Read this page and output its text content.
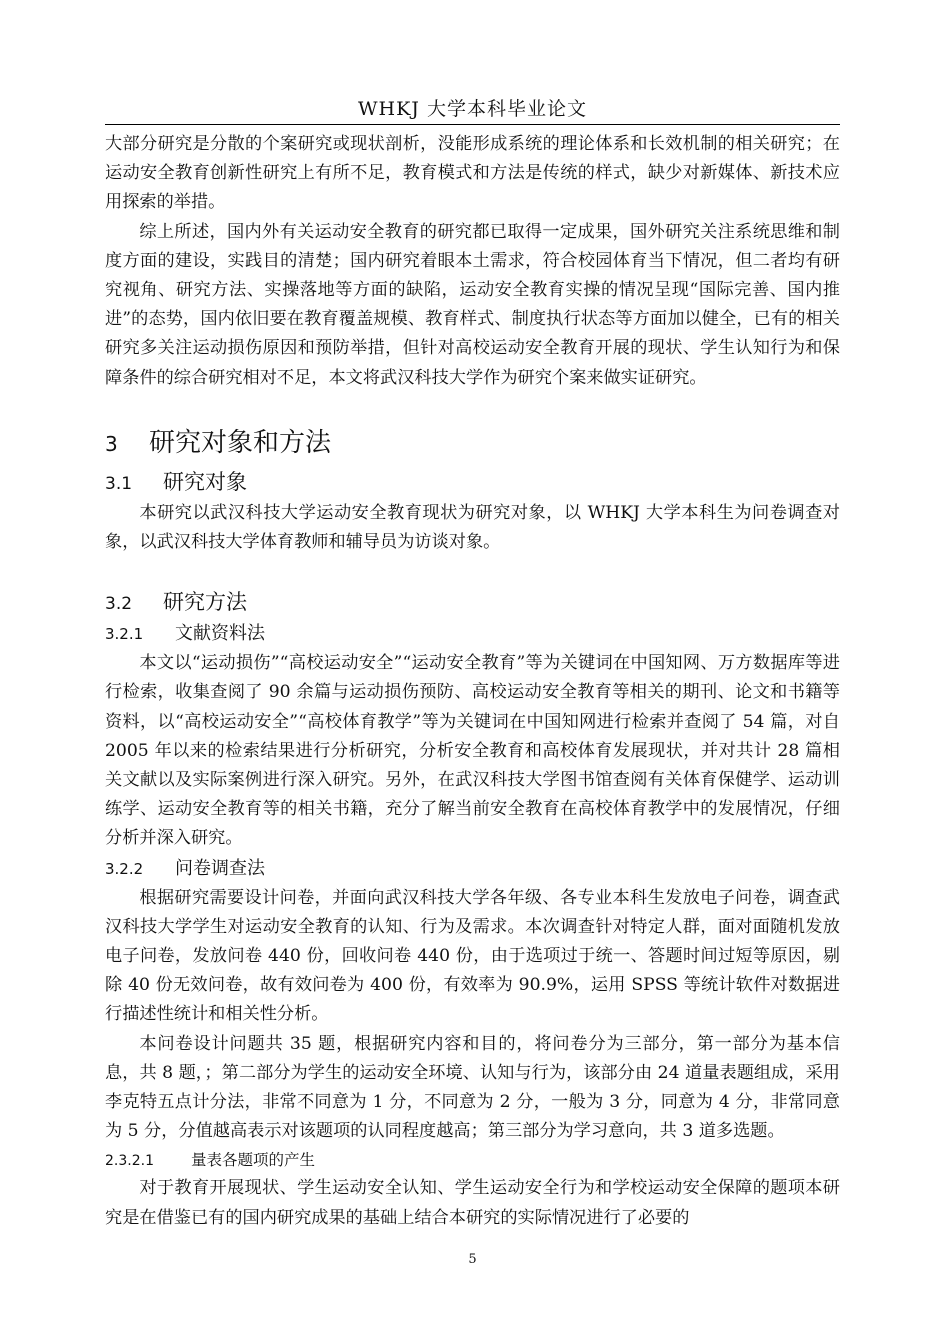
WHKJ 大学本科毕业论文

大部分研究是分散的个案研究或现状剖析，没能形成系统的理论体系和长效机制的相关研究；在运动安全教育创新性研究上有所不足，教育模式和方法是传统的样式，缺少对新媒体、新技术应用探索的举措。

综上所述，国内外有关运动安全教育的研究都已取得一定成果，国外研究关注系统思维和制度方面的建设，实践目的清楚；国内研究着眼本土需求，符合校园体育当下情况，但二者均有研究视角、研究方法、实操落地等方面的缺陷，运动安全教育实操的情况呈现“国际完善、国内推进”的态势，国内依旧要在教育覆盖规模、教育样式、制度执行状态等方面加以健全，已有的相关研究多关注运动损伤原因和预防举措，但针对高校运动安全教育开展的现状、学生认知行为和保障条件的综合研究相对不足，本文将武汉科技大学作为研究个案来做实证研究。

3 研究对象和方法
3.1 研究对象

本研究以武汉科技大学运动安全教育现状为研究对象，以 WHKJ 大学本科生为问卷调查对象，以武汉科技大学体育教师和辅导员为访谈对象。

3.2 研究方法
3.2.1 文献资料法

本文以“运动损伤”“高校运动安全”“运动安全教育”等为关键词在中国知网、万方数据库等进行检索，收集查阅了 90 余篇与运动损伤预防、高校运动安全教育等相关的期刊、论文和书籍等资料，以“高校运动安全”“高校体育教学”等为关键词在中国知网进行检索并查阅了 54 篇，对自 2005 年以来的检索结果进行分析研究，分析安全教育和高校体育发展现状，并对共计 28 篇相关文献以及实际案例进行深入研究。另外，在武汉科技大学图书馆查阅有关体育保健学、运动训练学、运动安全教育等的相关书籍，充分了解当前安全教育在高校体育教学中的发展情况，仔细分析并深入研究。

3.2.2 问卷调查法

根据研究需要设计问卷，并面向武汉科技大学各年级、各专业本科生发放电子问卷，调查武汉科技大学学生对运动安全教育的认知、行为及需求。本次调查针对特定人群，面对面随机发放电子问卷，发放问卷 440 份，回收问卷 440 份，由于选项过于统一、答题时间过短等原因，剔除 40 份无效问卷，故有效问卷为 400 份，有效率为 90.9%，运用 SPSS 等统计软件对数据进行描述性统计和相关性分析。

本问卷设计问题共 35 题，根据研究内容和目的，将问卷分为三部分，第一部分为基本信息，共 8 题，；第二部分为学生的运动安全环境、认知与行为，该部分由 24 道量表题组成，采用李克特五点计分法，非常不同意为 1 分，不同意为 2 分，一般为 3 分，同意为 4 分，非常同意为 5 分，分值越高表示对该题项的认同程度越高；第三部分为学习意向，共 3 道多选题。

2.3.2.1 量表各题项的产生

对于教育开展现状、学生运动安全认知、学生运动安全行为和学校运动安全保障的题项本研究是在借鉴已有的国内研究成果的基础上结合本研究的实际情况进行了必要的

5
